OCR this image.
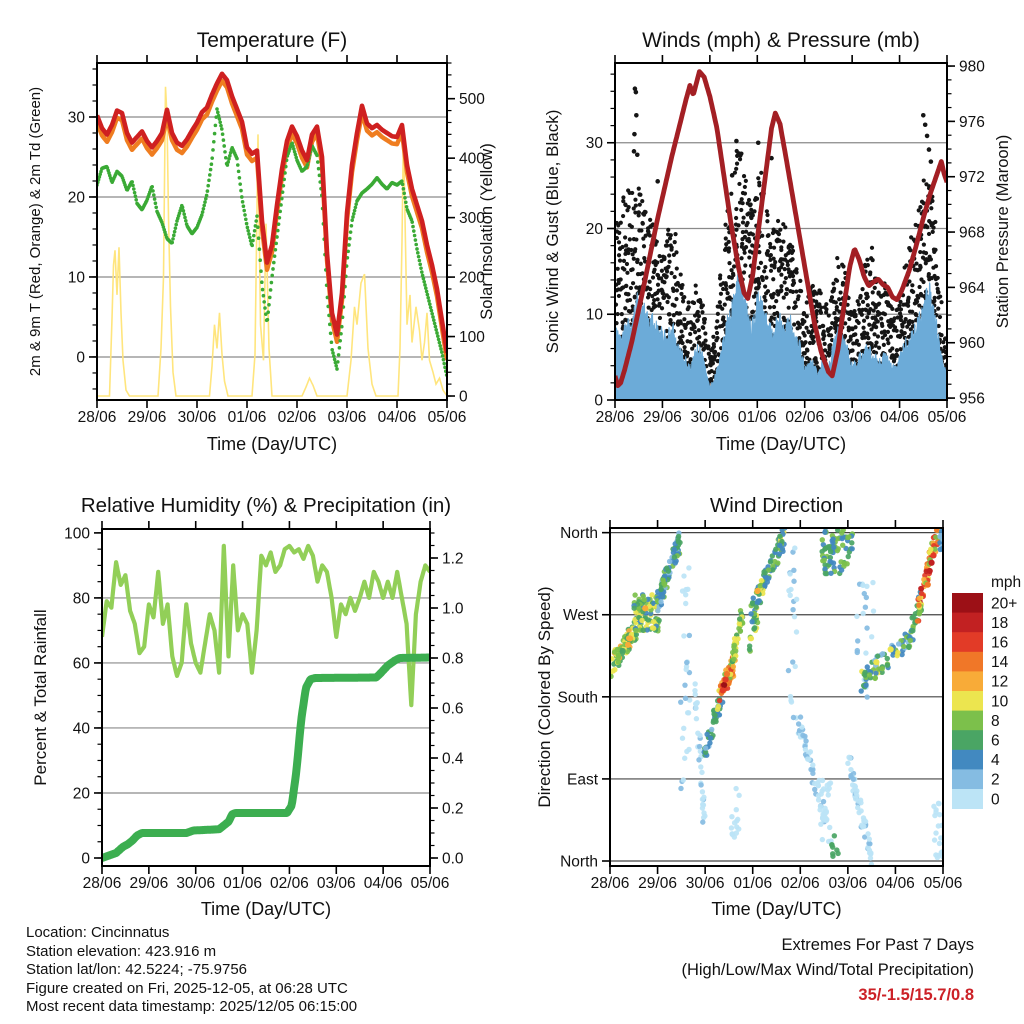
28/06 29/06 30/06 01/06 02/06 03/06 04/06 05/06
0
10
20
30
0
100
200
300
400
500
Temperature (F)
Time (Day/UTC)
2m & 9m T (Red, Orange) & 2m Td (Green)	Solar Insolation (Yellow)
28/06 29/06 30/06 01/06 02/06 03/06 04/06 05/06
0
10
20
30
956
960
964
968
972
976
980
Winds (mph) & Pressure (mb)
Time (Day/UTC)
Sonic Wind & Gust (Blue, Black)	Station Pressure (Maroon)
28/06 29/06 30/06 01/06 02/06 03/06 04/06 05/06
0
20
40
60
80
100
0.0
0.2
0.4
0.6
0.8
1.0
1.2
Relative Humidity (%) & Precipitation (in)
Time (Day/UTC)
Percent & Total Rainfall
28/06 29/06 30/06 01/06 02/06 03/06 04/06 05/06
North
West
South
East
North
Wind Direction
Time (Day/UTC)
Direction (Colored By Speed)
mph
20+
18
16
14
12
10
8
6
4
2
0
Location: Cincinnatus
Station elevation: 423.916 m
Station lat/lon: 42.5224; -75.9756
Figure created on Fri, 2025-12-05, at 06:28 UTC
Most recent data timestamp: 2025/12/05 06:15:00
Extremes For Past 7 Days
(High/Low/Max Wind/Total Precipitation)
35/-1.5/15.7/0.8
